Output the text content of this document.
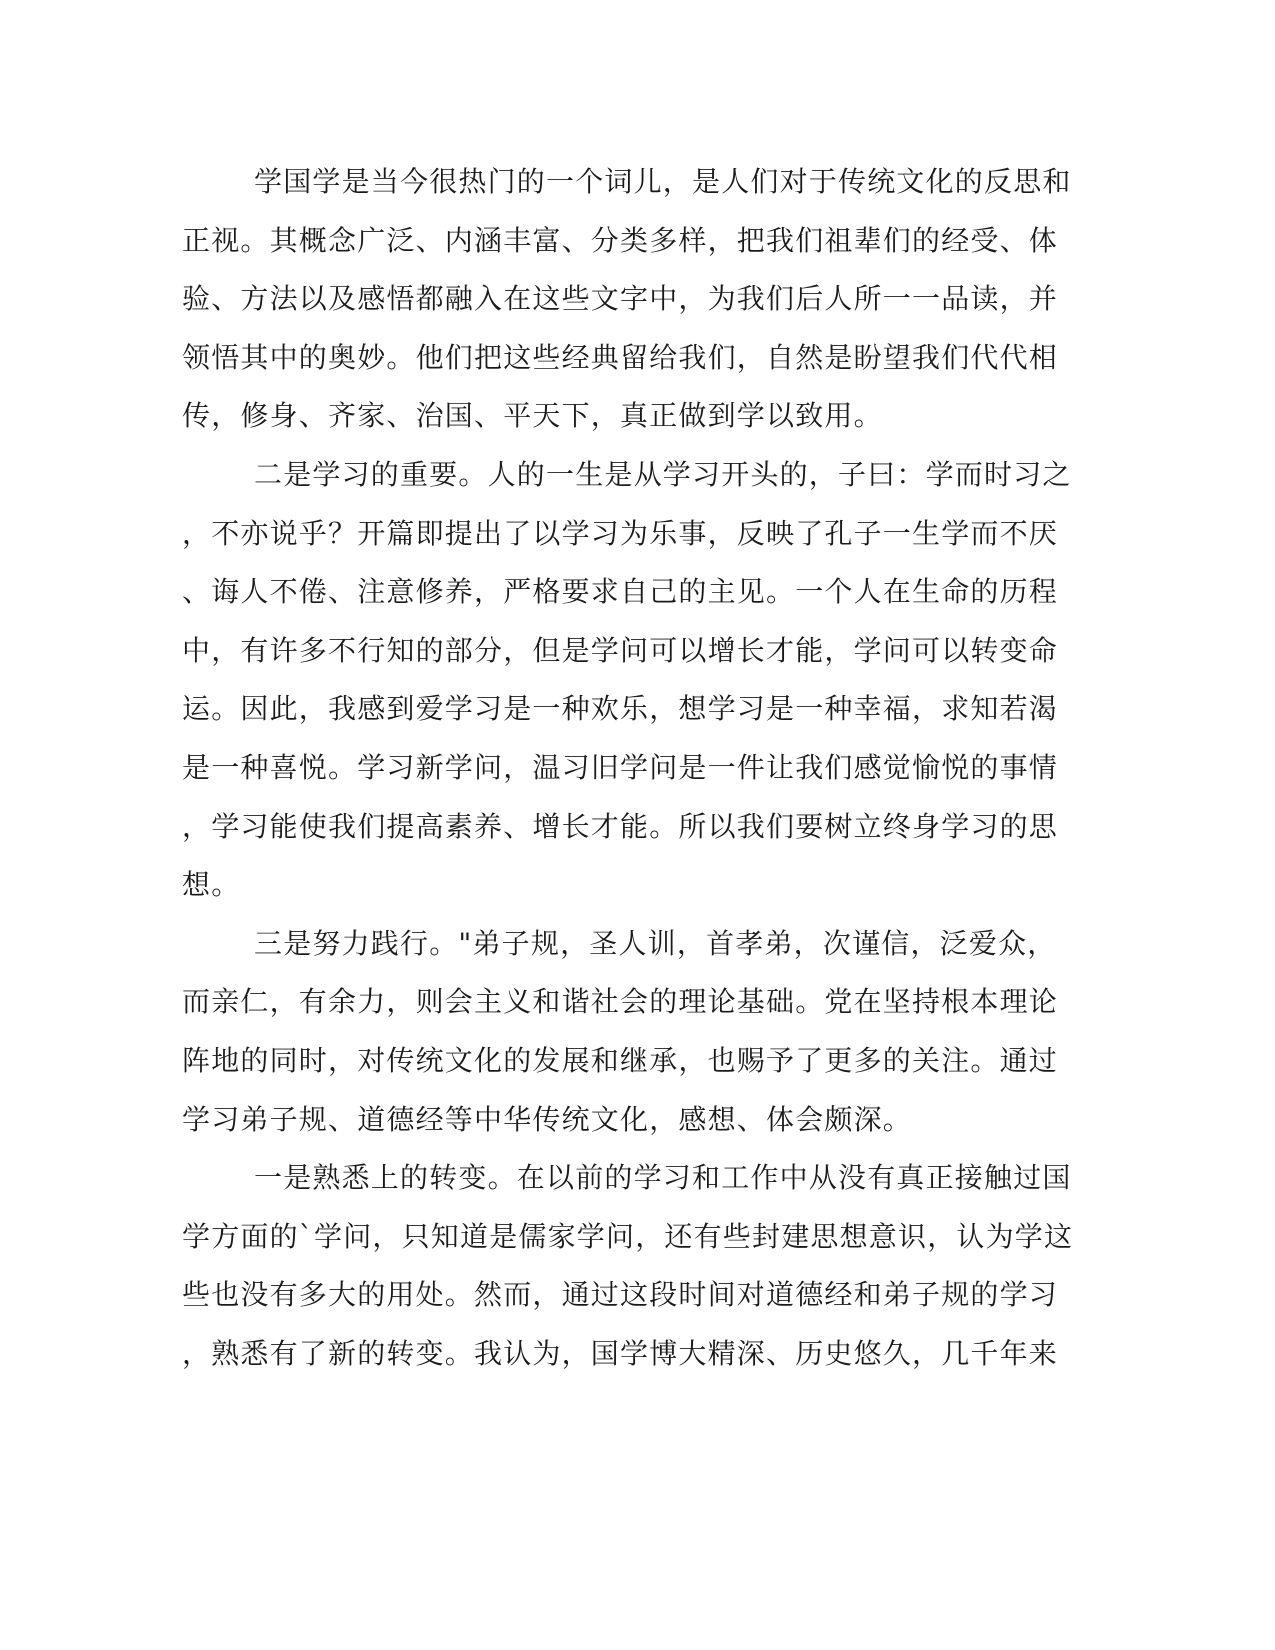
学国学是当今很热门的一个词儿，是人们对于传统文化的反思和
正视。其概念广泛、内涵丰富、分类多样，把我们祖辈们的经受、体
验、方法以及感悟都融入在这些文字中，为我们后人所一一品读，并
领悟其中的奥妙。他们把这些经典留给我们，自然是盼望我们代代相
传，修身、齐家、治国、平天下，真正做到学以致用。
二是学习的重要。人的一生是从学习开头的，子曰：学而时习之
，不亦说乎？开篇即提出了以学习为乐事，反映了孔子一生学而不厌
、诲人不倦、注意修养，严格要求自己的主见。一个人在生命的历程
中，有许多不行知的部分，但是学问可以增长才能，学问可以转变命
运。因此，我感到爱学习是一种欢乐，想学习是一种幸福，求知若渴
是一种喜悦。学习新学问，温习旧学问是一件让我们感觉愉悦的事情
，学习能使我们提高素养、增长才能。所以我们要树立终身学习的思
想。
三是努力践行。"弟子规，圣人训，首孝弟，次谨信，泛爱众，
而亲仁，有余力，则会主义和谐社会的理论基础。党在坚持根本理论
阵地的同时，对传统文化的发展和继承，也赐予了更多的关注。通过
学习弟子规、道德经等中华传统文化，感想、体会颇深。
一是熟悉上的转变。在以前的学习和工作中从没有真正接触过国
学方面的`学问，只知道是儒家学问，还有些封建思想意识，认为学这
些也没有多大的用处。然而，通过这段时间对道德经和弟子规的学习
，熟悉有了新的转变。我认为，国学博大精深、历史悠久，几千年来
